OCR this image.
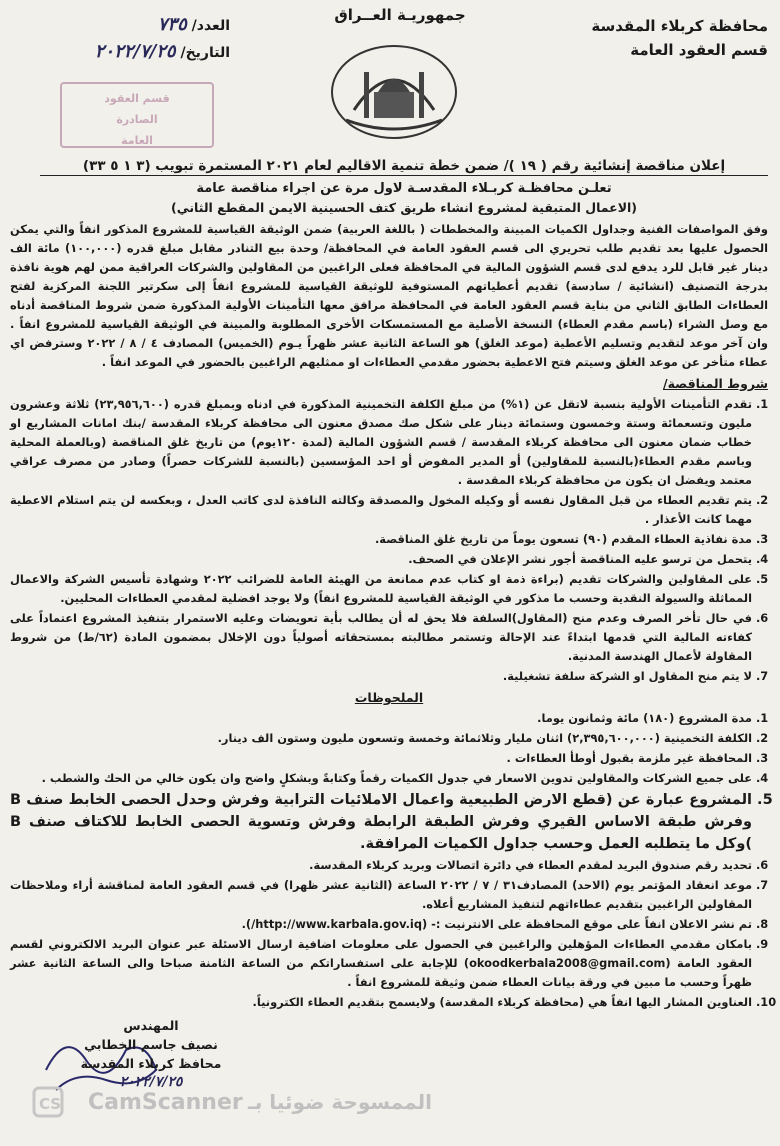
محافظة كربلاء المقدسة
قسم العقود العامة
جمهوريـة العــراق
العدد/ ٧٣٥
التاريخ/ ٢٠٢٢/٧/٢٥
قسم العقود
الصادرة
العامة
إعلان مناقصة إنشائية رقم ( ١٩ )/ ضمن خطة تنمية الاقاليم لعام ٢٠٢١ المستمرة تبويب (٣ ١ ٥ ٣٣)
تعلـن محافظـة كربـلاء المقدسـة لاول مرة عن اجراء مناقصة عامة
(الاعمال المتبقية لمشروع انشاء طريق كتف الحسينية الايمن المقطع الثاني)
وفق المواصفات الفنية وجداول الكميات المبينة والمخططات ( باللغة العربية) ضمن الوثيقة القياسية للمشروع المذكور انفاً والتي يمكن الحصول عليها بعد تقديم طلب تحريري الى قسم العقود العامة في المحافظة/ وحدة بيع التنادر مقابل مبلغ قدره (١٠٠,٠٠٠) مائة الف دينار غير قابل للرد يدفع لدى قسم الشؤون المالية في المحافظة فعلى الراغبين من المقاولين والشركات العراقية ممن لهم هوية نافذة بدرجة التصنيف (انشائية / سادسة) تقديم أعطياتهم المستوفية للوثيقة القياسية للمشروع انفاً إلى سكرتير اللجنة المركزية لفتح العطاءات الطابق الثاني من بناية قسم العقود العامة في المحافظة مرافق معها التأمينات الأولية المذكورة ضمن شروط المناقصة أدناه مع وصل الشراء (باسم مقدم العطاء) النسخة الأصلية مع المستمسكات الأخرى المطلوبة والمبينة في الوثيقة القياسية للمشروع انفاً . وان آخر موعد لتقديم وتسليم الأعطية (موعد الغلق) هو الساعة الثانية عشر ظهراً يـوم (الخميس) المصادف ٤ / ٨ / ٢٠٢٢ وسترفض اي عطاء متأخر عن موعد الغلق وسيتم فتح الاعطية بحضور مقدمي العطاءات او ممثليهم الراغبين بالحضور في الموعد انفاً .
شروط المناقصة/
1. تقدم التأمينات الأولية بنسبة لاتقل عن (١%) من مبلغ الكلفة التخمينية المذكورة في ادناه وبمبلغ قدره (٢٣,٩٥٦,٦٠٠) ثلاثة وعشرون مليون وتسعمائة وستة وخمسون وستمائة دينار على شكل صك مصدق معنون الى محافظة كربلاء المقدسة /بنك امانات المشاريع او خطاب ضمان معنون الى محافظة كربلاء المقدسة / قسم الشؤون المالية (لمدة ١٢٠يوم) من تاريخ غلق المناقصة (وبالعملة المحلية وباسم مقدم العطاء(بالنسبة للمقاولين) أو المدير المفوض أو احد المؤسسين (بالنسبة للشركات حصراً) وصادر من مصرف عراقي معتمد ويفضل ان يكون من محافظة كربلاء المقدسة .
2. يتم تقديم العطاء من قبل المقاول نفسه أو وكيله المخول والمصدقة وكالته النافذة لدى كاتب العدل ، وبعكسه لن يتم استلام الاعطية مهما كانت الأعذار .
3. مدة نفاذية العطاء المقدم (٩٠) تسعون يوماً من تاريخ غلق المناقصة.
4. يتحمل من ترسو عليه المناقصة أجور نشر الإعلان في الصحف.
5. على المقاولين والشركات تقديم (براءة ذمة او كتاب عدم ممانعة من الهيئة العامة للضرائب ٢٠٢٢ وشهادة تأسيس الشركة والاعمال المماثلة والسيولة النقدية وحسب ما مذكور في الوثيقة القياسية للمشروع انفاً) ولا يوجد افضلية لمقدمي العطاءات المحليين.
6. في حال تأخر الصرف وعدم منح (المقاول)السلفة فلا يحق له أن يطالب بأية تعويضات وعليه الاستمرار بتنفيذ المشروع اعتماداً على كفاءته المالية التي قدمها ابتداءً عند الإحالة وتستمر مطالبته بمستحقاته أصولياً دون الإخلال بمضمون المادة (٦٢/ط) من شروط المقاولة لأعمال الهندسة المدنية.
7. لا يتم منح المقاول او الشركة سلفة تشغيلية.
الملحوظات
1. مدة المشروع (١٨٠) مائة وثمانون يوما.
2. الكلفة التخمينية (٢,٣٩٥,٦٠٠,٠٠٠) اثنان مليار وثلاثمائة وخمسة وتسعون مليون وستون الف دينار.
3. المحافظة غير ملزمة بقبول أوطأ العطاءات .
4. على جميع الشركات والمقاولين تدوين الاسعار في جدول الكميات رقماً وكتابةً وبشكلٍ واضح وان يكون خالي من الحك والشطب .
5. المشروع عبارة عن (قطع الارض الطبيعية واعمال الاملائيات الترابية وفرش وحدل الحصى الخابط صنف B وفرش طبقة الاساس القيري وفرش الطبقة الرابطة وفرش وتسوية الحصى الخابط للاكتاف صنف B )وكل ما يتطلبه العمل وحسب جداول الكميات المرافقة.
6. تحديد رقم صندوق البريد لمقدم العطاء في دائرة اتصالات وبريد كربلاء المقدسة.
7. موعد انعقاد المؤتمر يوم (الاحد) المصادف٣١ / ٧ / ٢٠٢٢ الساعة (الثانية عشر ظهرا) في قسم العقود العامة لمناقشة أراء وملاحظات المقاولين الراغبين بتقديم عطاءاتهم لتنفيذ المشاريع أعلاه.
8. تم نشر الاعلان انفاً على موقع المحافظة على الانترنيت :- (http://www.karbala.gov.iq/).
9. بامكان مقدمي العطاءات المؤهلين والراغبين في الحصول على معلومات اضافية ارسال الاسئلة عبر عنوان البريد الالكتروني لقسم العقود العامة (okoodkerbala2008@gmail.com) للإجابة على استفساراتكم من الساعة الثامنة صباحا والى الساعة الثانية عشر ظهراً وحسب ما مبين في ورقة بيانات العطاء ضمن وثيقة للمشروع انفاً .
10. العناوين المشار اليها انفاً هي (محافظة كربلاء المقدسة) ولايسمح بتقديم العطاء الكترونياً.
المهندس
نصيف جاسم الخطابي
محافظ كربلاء المقدسة
٢٠٢٢/٧/٢٥
CS CamScanner الممسوحة ضوئيا بـ
